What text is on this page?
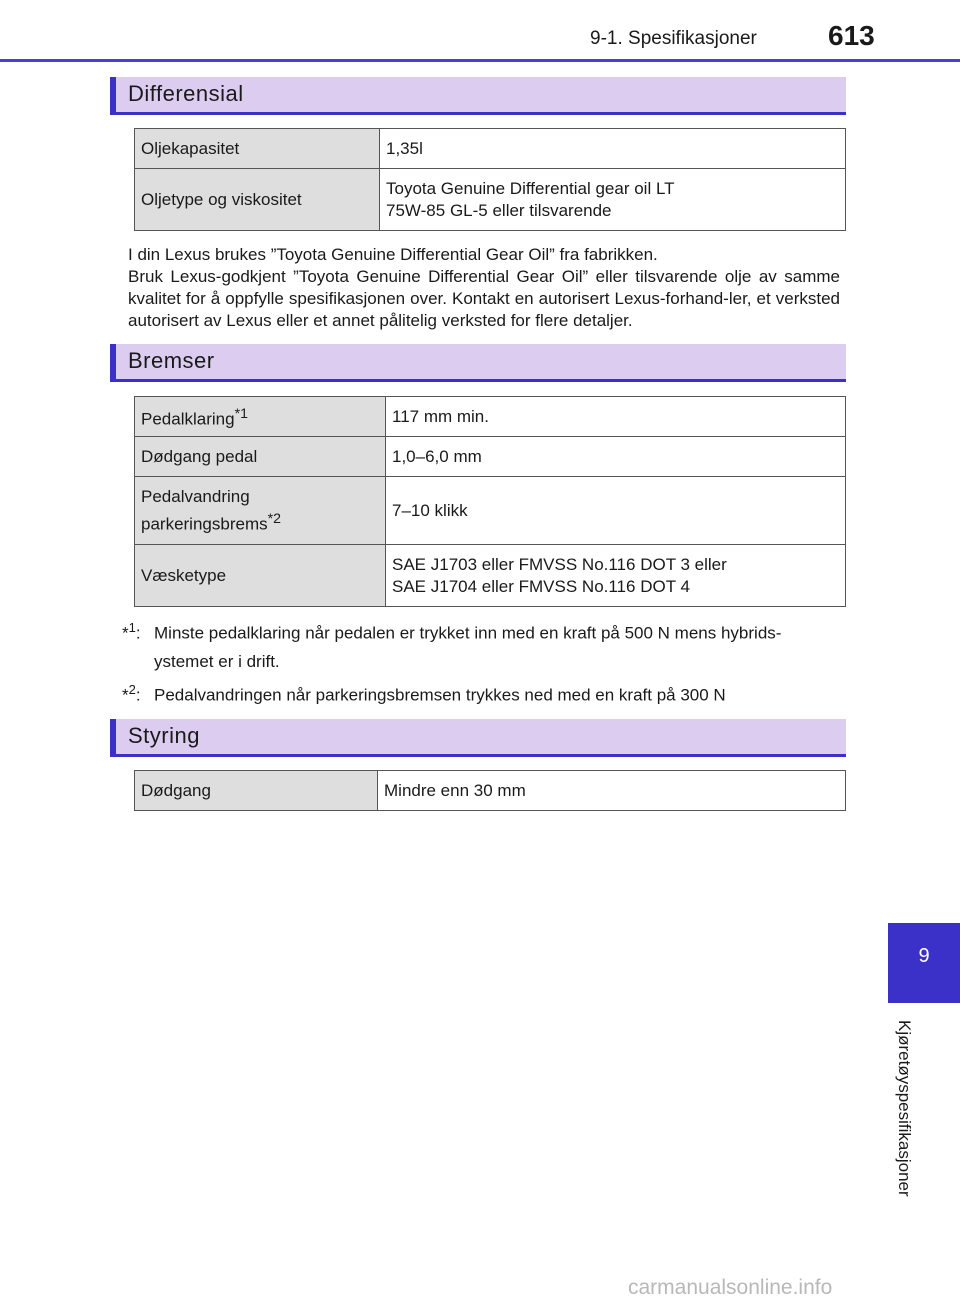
9-1. Spesifikasjoner	613
Differensial
Oljekapasitet	1,35l
Oljetype og viskositet	Toyota Genuine Differential gear oil LT
75W-85 GL-5 eller tilsvarende
I din Lexus brukes ”Toyota Genuine Differential Gear Oil” fra fabrikken.
Bruk Lexus-godkjent ”Toyota Genuine Differential Gear Oil” eller tilsvarende olje av samme kvalitet for å oppfylle spesifikasjonen over. Kontakt en autorisert Lexus-forhand-ler, et verksted autorisert av Lexus eller et annet pålitelig verksted for flere detaljer.
Bremser
Pedalklaring$^{*1}$	117 mm min.
Dødgang pedal	1,0–6,0 mm

Pedalvandring
parkeringsbrems$^{*2}$	7–10 klikk
Væsketype	SAE J1703 eller FMVSS No.116 DOT 3 eller
SAE J1704 eller FMVSS No.116 DOT 4
*$^1$: Minste pedalklaring når pedalen er trykket inn med en kraft på 500 N mens hybrids-
ystemet er i drift.
*$^2$: Pedalvandringen når parkeringsbremsen trykkes ned med en kraft på 300 N
Styring
Dødgang	Mindre enn 30 mm
9
Kjøretøyspesifikasjoner
carmanualsonline.info
